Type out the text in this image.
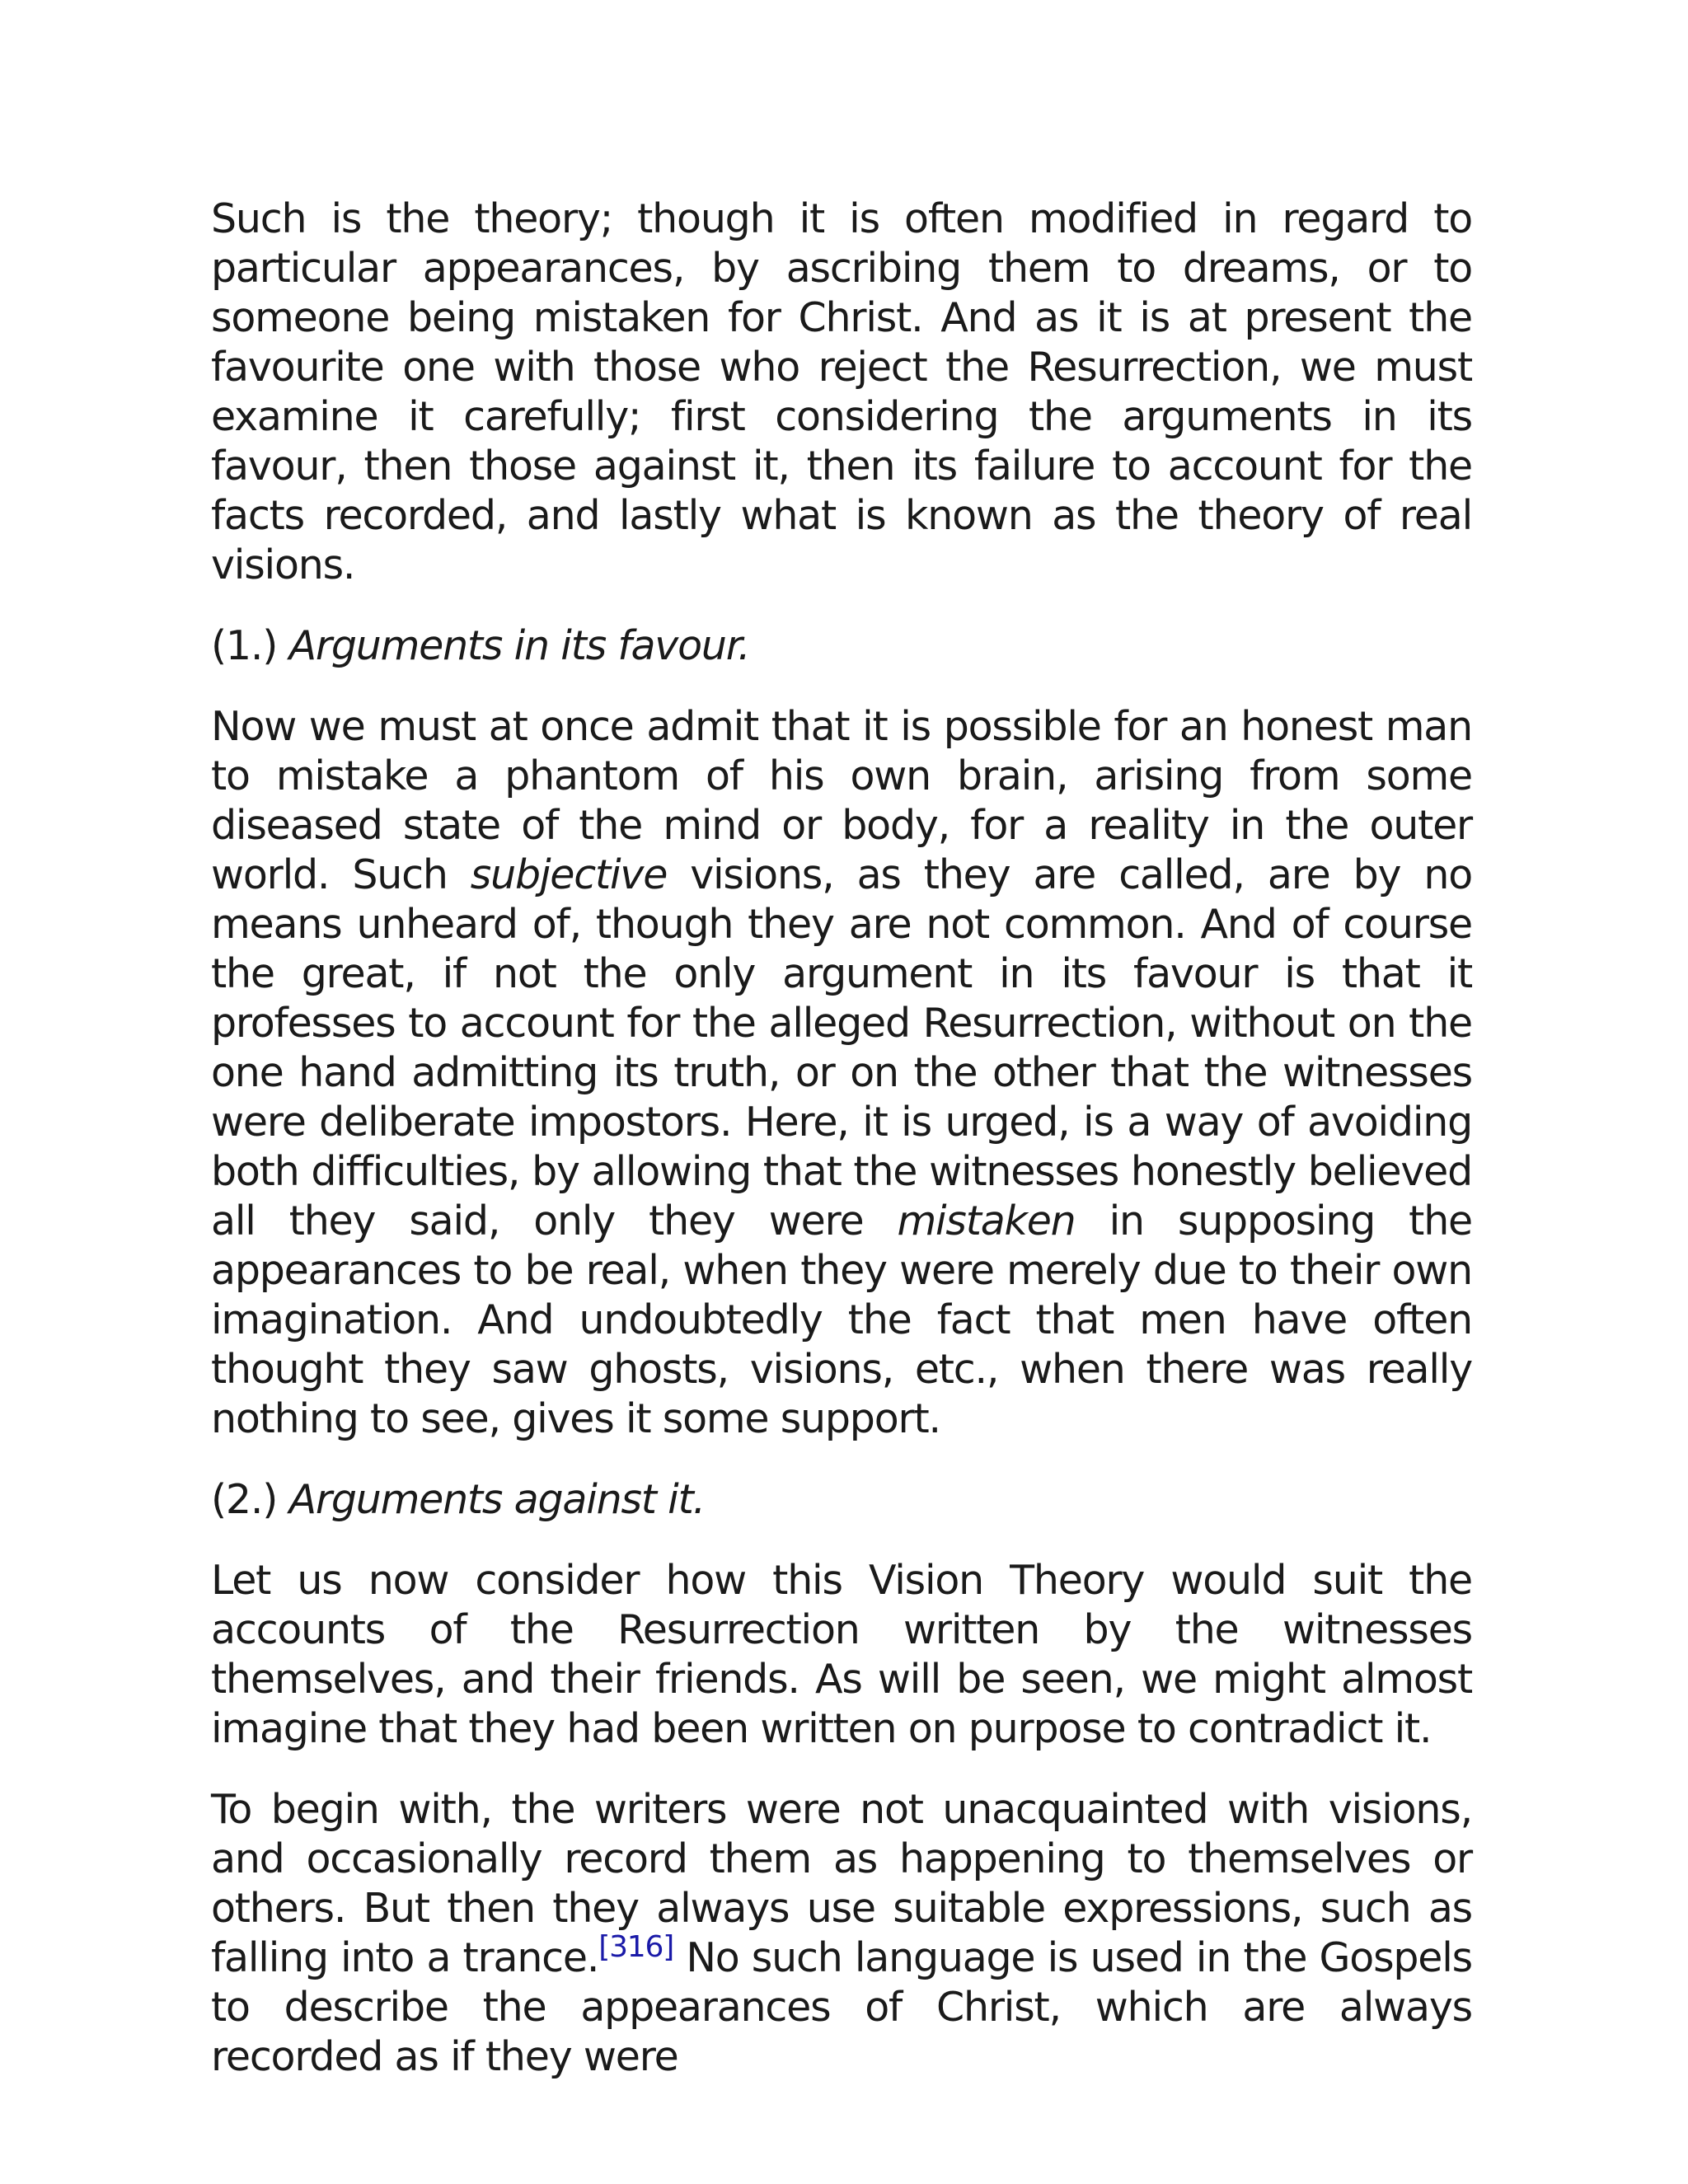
Such is the theory; though it is often modified in regard to particular appearances, by ascribing them to dreams, or to someone being mistaken for Christ. And as it is at present the favourite one with those who reject the Resurrection, we must examine it carefully; first considering the arguments in its favour, then those against it, then its failure to account for the facts recorded, and lastly what is known as the theory of real visions.

(1.) Arguments in its favour.

Now we must at once admit that it is possible for an honest man to mistake a phantom of his own brain, arising from some diseased state of the mind or body, for a reality in the outer world. Such subjective visions, as they are called, are by no means unheard of, though they are not common. And of course the great, if not the only argument in its favour is that it professes to account for the alleged Resurrection, without on the one hand admitting its truth, or on the other that the witnesses were deliberate impostors. Here, it is urged, is a way of avoiding both difficulties, by allowing that the witnesses honestly believed all they said, only they were mistaken in supposing the appearances to be real, when they were merely due to their own imagination. And undoubtedly the fact that men have often thought they saw ghosts, visions, etc., when there was really nothing to see, gives it some support.

(2.) Arguments against it.

Let us now consider how this Vision Theory would suit the accounts of the Resurrection written by the witnesses themselves, and their friends. As will be seen, we might almost imagine that they had been written on purpose to contradict it.

To begin with, the writers were not unacquainted with visions, and occasionally record them as happening to themselves or others. But then they always use suitable expressions, such as falling into a trance.[316] No such language is used in the Gospels to describe the appearances of Christ, which are always recorded as if they were
